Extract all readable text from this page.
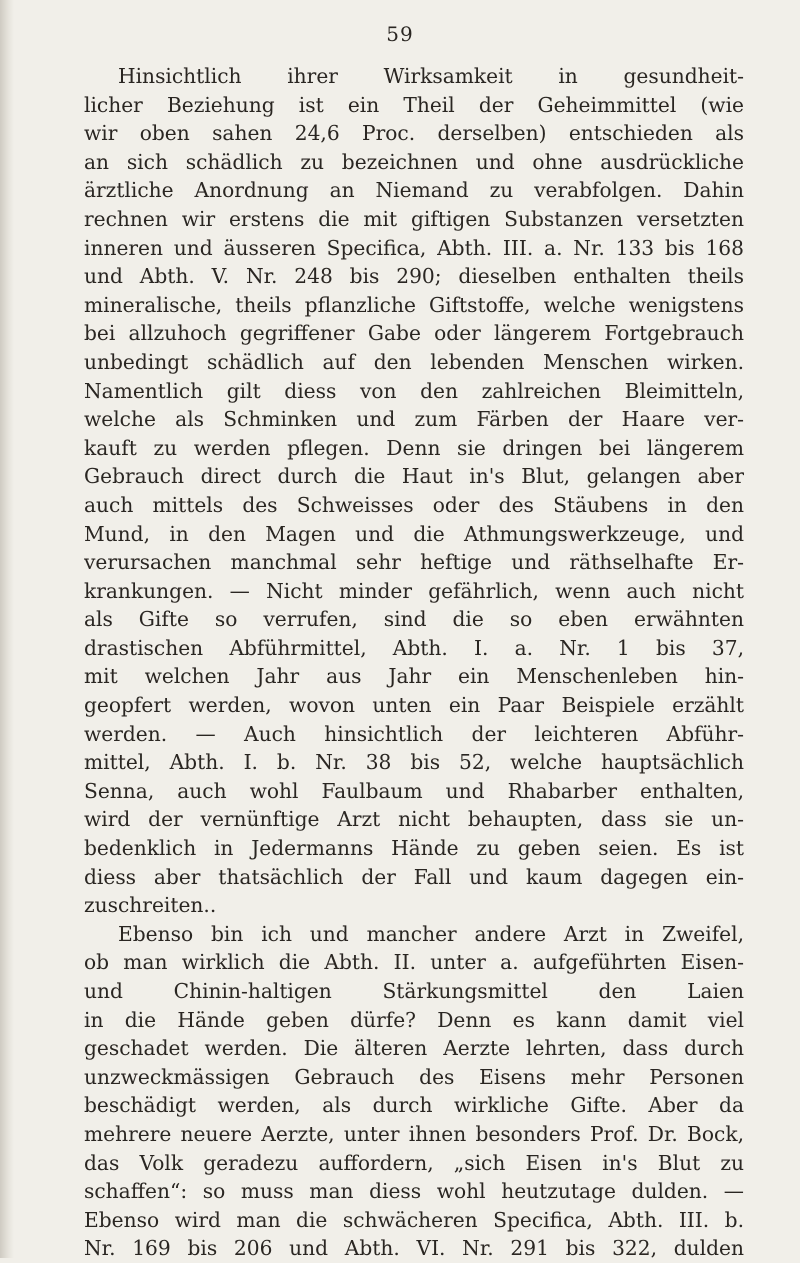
59
Hinsichtlich ihrer Wirksamkeit in gesundheit-
licher Beziehung ist ein Theil der Geheimmittel (wie
wir oben sahen 24,6 Proc. derselben) entschieden als
an sich schädlich zu bezeichnen und ohne ausdrückliche
ärztliche Anordnung an Niemand zu verabfolgen. Dahin
rechnen wir erstens die mit giftigen Substanzen versetzten
inneren und äusseren Specifica, Abth. III. a. Nr. 133 bis 168
und Abth. V. Nr. 248 bis 290; dieselben enthalten theils
mineralische, theils pflanzliche Giftstoffe, welche wenigstens
bei allzuhoch gegriffener Gabe oder längerem Fortgebrauch
unbedingt schädlich auf den lebenden Menschen wirken.
Namentlich gilt diess von den zahlreichen Bleimitteln,
welche als Schminken und zum Färben der Haare ver-
kauft zu werden pflegen. Denn sie dringen bei längerem
Gebrauch direct durch die Haut in's Blut, gelangen aber
auch mittels des Schweisses oder des Stäubens in den
Mund, in den Magen und die Athmungswerkzeuge, und
verursachen manchmal sehr heftige und räthselhafte Er-
krankungen. — Nicht minder gefährlich, wenn auch nicht
als Gifte so verrufen, sind die so eben erwähnten
drastischen Abführmittel, Abth. I. a. Nr. 1 bis 37,
mit welchen Jahr aus Jahr ein Menschenleben hin-
geopfert werden, wovon unten ein Paar Beispiele erzählt
werden. — Auch hinsichtlich der leichteren Abführ-
mittel, Abth. I. b. Nr. 38 bis 52, welche hauptsächlich
Senna, auch wohl Faulbaum und Rhabarber enthalten,
wird der vernünftige Arzt nicht behaupten, dass sie un-
bedenklich in Jedermanns Hände zu geben seien. Es ist
diess aber thatsächlich der Fall und kaum dagegen ein-
zuschreiten..
Ebenso bin ich und mancher andere Arzt in Zweifel,
ob man wirklich die Abth. II. unter a. aufgeführten Eisen-
und Chinin-haltigen Stärkungsmittel den Laien
in die Hände geben dürfe? Denn es kann damit viel
geschadet werden. Die älteren Aerzte lehrten, dass durch
unzweckmässigen Gebrauch des Eisens mehr Personen
beschädigt werden, als durch wirkliche Gifte. Aber da
mehrere neuere Aerzte, unter ihnen besonders Prof. Dr. Bock,
das Volk geradezu auffordern, „sich Eisen in's Blut zu
schaffen“: so muss man diess wohl heutzutage dulden. —
Ebenso wird man die schwächeren Specifica, Abth. III. b.
Nr. 169 bis 206 und Abth. VI. Nr. 291 bis 322, dulden
